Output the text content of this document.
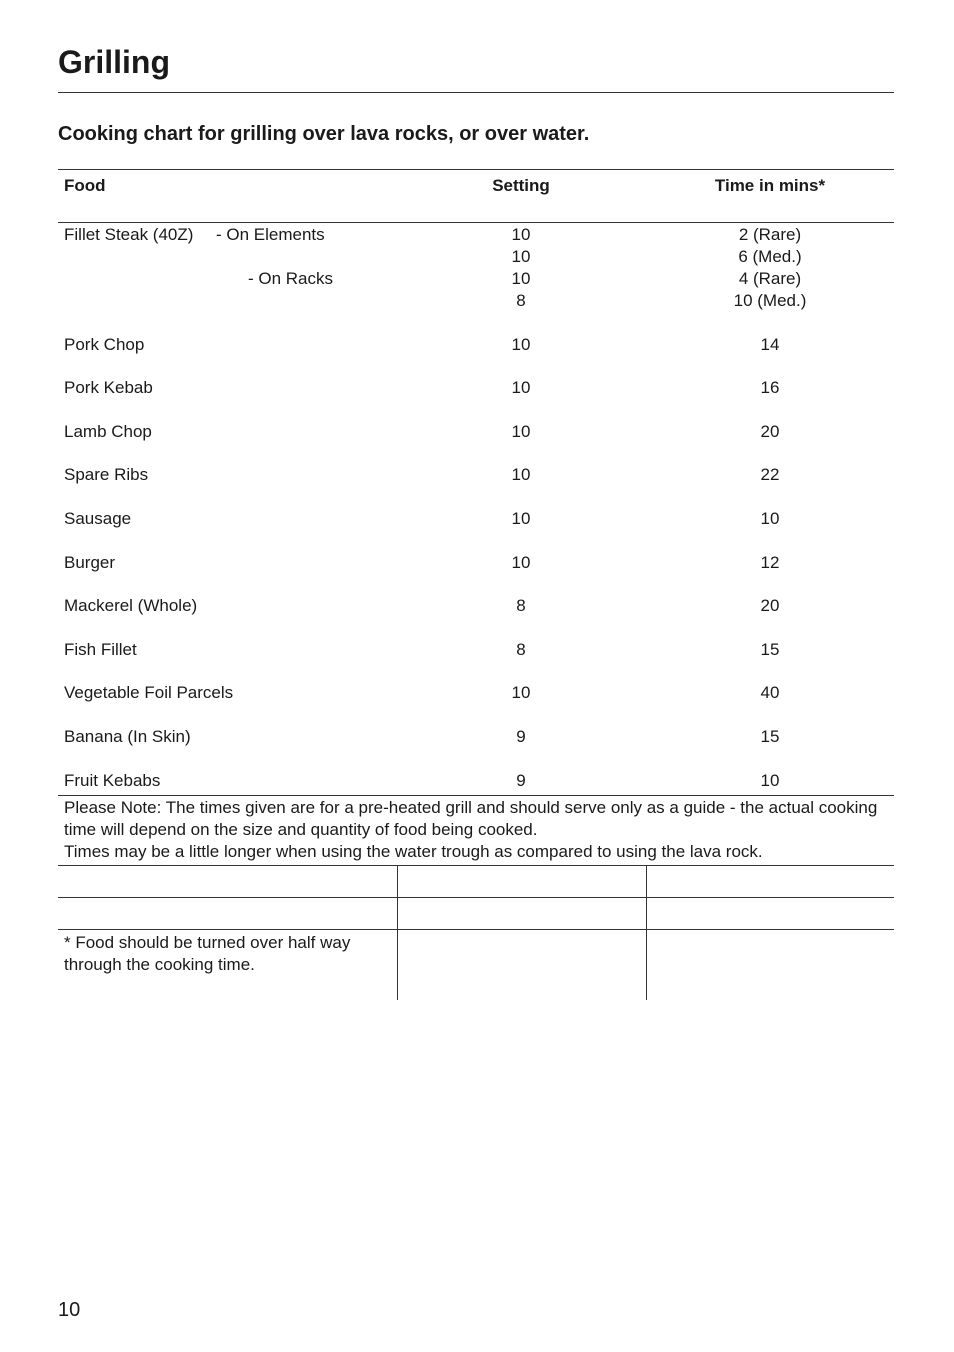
Grilling
Cooking chart for grilling over lava rocks, or over water.
Food	Setting	Time in mins*
Fillet Steak (40Z) - On Elements	10	2 (Rare)
10	6 (Med.)
- On Racks	10	4 (Rare)
8	10 (Med.)
Pork Chop	10	14
Pork Kebab	10	16
Lamb Chop	10	20
Spare Ribs	10	22
Sausage	10	10
Burger	10	12
Mackerel (Whole)	8	20
Fish Fillet	8	15
Vegetable Foil Parcels	10	40
Banana (In Skin)	9	15
Fruit Kebabs	9	10

Please Note: The times given are for a pre-heated grill and should serve only as a guide - the actual cooking time will depend on the size and quantity of food being cooked.

Times may be a little longer when using the water trough as compared to using the lava rock.

* Food should be turned over half way through the cooking time.
10
